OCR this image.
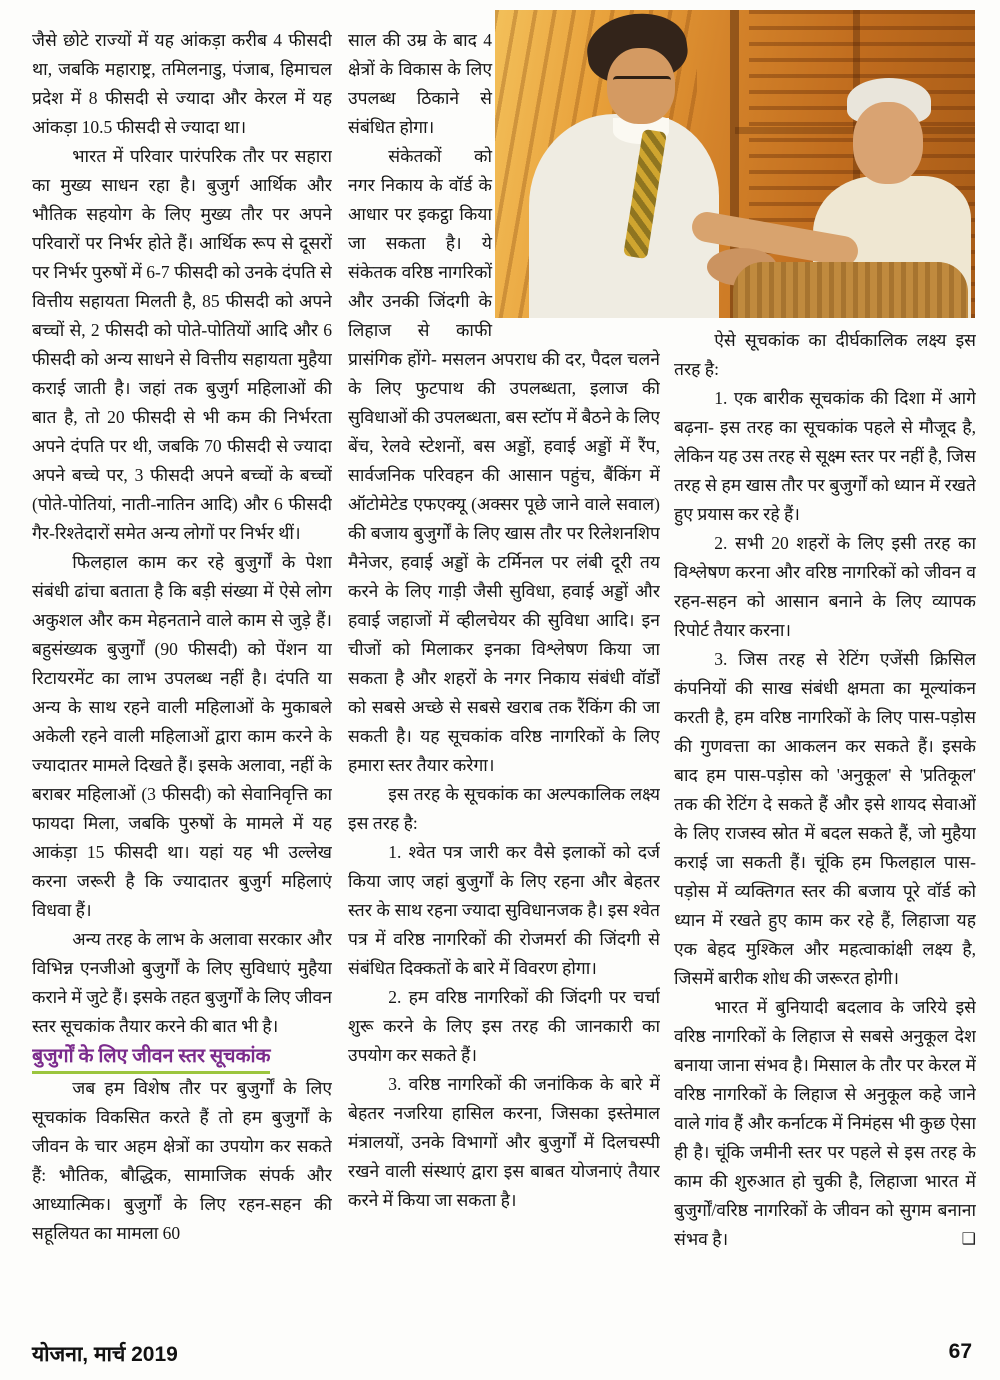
जैसे छोटे राज्यों में यह आंकड़ा करीब 4 फीसदी था, जबकि महाराष्ट्र, तमिलनाडु, पंजाब, हिमाचल प्रदेश में 8 फीसदी से ज्यादा और केरल में यह आंकड़ा 10.5 फीसदी से ज्यादा था।

भारत में परिवार पारंपरिक तौर पर सहारा का मुख्य साधन रहा है। बुजुर्ग आर्थिक और भौतिक सहयोग के लिए मुख्य तौर पर अपने परिवारों पर निर्भर होते हैं। आर्थिक रूप से दूसरों पर निर्भर पुरुषों में 6-7 फीसदी को उनके दंपति से वित्तीय सहायता मिलती है, 85 फीसदी को अपने बच्चों से, 2 फीसदी को पोते-पोतियों आदि और 6 फीसदी को अन्य साधने से वित्तीय सहायता मुहैया कराई जाती है। जहां तक बुजुर्ग महिलाओं की बात है, तो 20 फीसदी से भी कम की निर्भरता अपने दंपति पर थी, जबकि 70 फीसदी से ज्यादा अपने बच्चे पर, 3 फीसदी अपने बच्चों के बच्चों (पोते-पोतियां, नाती-नातिन आदि) और 6 फीसदी गैर-रिश्तेदारों समेत अन्य लोगों पर निर्भर थीं।

फिलहाल काम कर रहे बुजुर्गों के पेशा संबंधी ढांचा बताता है कि बड़ी संख्या में ऐसे लोग अकुशल और कम मेहनताने वाले काम से जुड़े हैं। बहुसंख्यक बुजुर्गों (90 फीसदी) को पेंशन या रिटायरमेंट का लाभ उपलब्ध नहीं है। दंपति या अन्य के साथ रहने वाली महिलाओं के मुकाबले अकेली रहने वाली महिलाओं द्वारा काम करने के ज्यादातर मामले दिखते हैं। इसके अलावा, नहीं के बराबर महिलाओं (3 फीसदी) को सेवानिवृत्ति का फायदा मिला, जबकि पुरुषों के मामले में यह आकंड़ा 15 फीसदी था। यहां यह भी उल्लेख करना जरूरी है कि ज्यादातर बुजुर्ग महिलाएं विधवा हैं।

अन्य तरह के लाभ के अलावा सरकार और विभिन्न एनजीओ बुजुर्गों के लिए सुविधाएं मुहैया कराने में जुटे हैं। इसके तहत बुजुर्गों के लिए जीवन स्तर सूचकांक तैयार करने की बात भी है।

बुजुर्गों के लिए जीवन स्तर सूचकांक

जब हम विशेष तौर पर बुजुर्गों के लिए सूचकांक विकसित करते हैं तो हम बुजुर्गों के जीवन के चार अहम क्षेत्रों का उपयोग कर सकते हैं: भौतिक, बौद्धिक, सामाजिक संपर्क और आध्यात्मिक। बुजुर्गों के लिए रहन-सहन की सहूलियत का मामला 60

साल की उम्र के बाद 4 क्षेत्रों के विकास के लिए उपलब्ध ठिकाने से संबंधित होगा।

संकेतकों को नगर निकाय के वॉर्ड के आधार पर इकट्ठा किया जा सकता है। ये संकेतक वरिष्ठ नागरिकों और उनकी जिंदगी के लिहाज से काफी प्रासंगिक होंगे- मसलन अपराध की दर, पैदल चलने के लिए फुटपाथ की उपलब्धता, इलाज की सुविधाओं की उपलब्धता, बस स्टॉप में बैठने के लिए बेंच, रेलवे स्टेशनों, बस अड्डों, हवाई अड्डों में रैंप, सार्वजनिक परिवहन की आसान पहुंच, बैंकिंग में ऑटोमेटेड एफएक्यू (अक्सर पूछे जाने वाले सवाल) की बजाय बुजुर्गों के लिए खास तौर पर रिलेशनशिप मैनेजर, हवाई अड्डों के टर्मिनल पर लंबी दूरी तय करने के लिए गाड़ी जैसी सुविधा, हवाई अड्डों और हवाई जहाजों में व्हीलचेयर की सुविधा आदि। इन चीजों को मिलाकर इनका विश्लेषण किया जा सकता है और शहरों के नगर निकाय संबंधी वॉर्डों को सबसे अच्छे से सबसे खराब तक रैंकिंग की जा सकती है। यह सूचकांक वरिष्ठ नागरिकों के लिए हमारा स्तर तैयार करेगा।

इस तरह के सूचकांक का अल्पकालिक लक्ष्य इस तरह है:

1. श्वेत पत्र जारी कर वैसे इलाकों को दर्ज किया जाए जहां बुजुर्गों के लिए रहना और बेहतर स्तर के साथ रहना ज्यादा सुविधानजक है। इस श्वेत पत्र में वरिष्ठ नागरिकों की रोजमर्रा की जिंदगी से संबंधित दिक्कतों के बारे में विवरण होगा।

2. हम वरिष्ठ नागरिकों की जिंदगी पर चर्चा शुरू करने के लिए इस तरह की जानकारी का उपयोग कर सकते हैं।

3. वरिष्ठ नागरिकों की जनांकिक के बारे में बेहतर नजरिया हासिल करना, जिसका इस्तेमाल मंत्रालयों, उनके विभागों और बुजुर्गों में दिलचस्पी रखने वाली संस्थाएं द्वारा इस बाबत योजनाएं तैयार करने में किया जा सकता है।

ऐसे सूचकांक का दीर्घकालिक लक्ष्य इस तरह है:

1. एक बारीक सूचकांक की दिशा में आगे बढ़ना- इस तरह का सूचकांक पहले से मौजूद है, लेकिन यह उस तरह से सूक्ष्म स्तर पर नहीं है, जिस तरह से हम खास तौर पर बुजुर्गों को ध्यान में रखते हुए प्रयास कर रहे हैं।

2. सभी 20 शहरों के लिए इसी तरह का विश्लेषण करना और वरिष्ठ नागरिकों को जीवन व रहन-सहन को आसान बनाने के लिए व्यापक रिपोर्ट तैयार करना।

3. जिस तरह से रेटिंग एजेंसी क्रिसिल कंपनियों की साख संबंधी क्षमता का मूल्यांकन करती है, हम वरिष्ठ नागरिकों के लिए पास-पड़ोस की गुणवत्ता का आकलन कर सकते हैं। इसके बाद हम पास-पड़ोस को 'अनुकूल' से 'प्रतिकूल' तक की रेटिंग दे सकते हैं और इसे शायद सेवाओं के लिए राजस्व स्रोत में बदल सकते हैं, जो मुहैया कराई जा सकती हैं। चूंकि हम फिलहाल पास-पड़ोस में व्यक्तिगत स्तर की बजाय पूरे वॉर्ड को ध्यान में रखते हुए काम कर रहे हैं, लिहाजा यह एक बेहद मुश्किल और महत्वाकांक्षी लक्ष्य है, जिसमें बारीक शोध की जरूरत होगी।

भारत में बुनियादी बदलाव के जरिये इसे वरिष्ठ नागरिकों के लिहाज से सबसे अनुकूल देश बनाया जाना संभव है। मिसाल के तौर पर केरल में वरिष्ठ नागरिकों के लिहाज से अनुकूल कहे जाने वाले गांव हैं और कर्नाटक में निमंहस भी कुछ ऐसा ही है। चूंकि जमीनी स्तर पर पहले से इस तरह के काम की शुरुआत हो चुकी है, लिहाजा भारत में बुजुर्गों/वरिष्ठ नागरिकों के जीवन को सुगम बनाना संभव है।	❑

योजना, मार्च 2019	67
